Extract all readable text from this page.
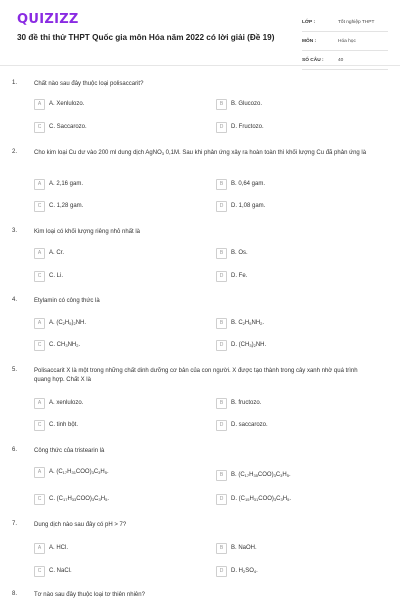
QUIZIZZ
30 đề thi thử THPT Quốc gia môn Hóa năm 2022 có lời giải (Đề 19)
LỚP :	Tốt nghiệp THPT
MÔN :	Hóa học
SỐ CÂU :	40
1.	Chất nào sau đây thuộc loại polisaccarit?
A	A. Xenlulozo.	B	B. Glucozo.
C	C. Saccarozo.	D	D. Fructozo.
2.	Cho kim loại Cu dư vào 200 ml dung dịch AgNO$_3$ 0,1M. Sau khi phản ứng xảy ra hoàn toàn thì khối lượng Cu đã phản ứng là
A	A. 2,16 gam.	B	B. 0,64 gam.
C	C. 1,28 gam.	D	D. 1,08 gam.
3.	Kim loại có khối lượng riêng nhỏ nhất là
A	A. Cr.	B	B. Os.
C	C. Li.	D	D. Fe.
4.	Etylamin có công thức là
A	A. $(C_2H_5)_2NH$.	B	B. $C_2H_5NH_2$.
C	C. $CH_3NH_2$.	D	D. $(CH_3)_2NH$.
5.	Polisaccarit X là một trong những chất dinh dưỡng cơ bản của con người. X được tạo thành trong cây xanh nhờ quá trình quang hợp. Chất X là
A	A. xenlulozo.	B	B. fructozo.
C	C. tinh bột.	D	D. saccarozo.
6.	Công thức của tristearin là
A	A. $(C_{17}H_{31}COO)_3C_3H_5$.	B	B. $(C_{17}H_{35}COO)_3C_3H_5$.
C	C. $(C_{17}H_{33}COO)_3C_3H_5$.	D	D. $(C_{15}H_{31}COO)_3C_3H_5$.
7.	Dung dịch nào sau đây có pH > 7?
A	A. HCl.	B	B. NaOH.
C	C. NaCl.	D	D. $H_2SO_4$.
8.	Tơ nào sau đây thuộc loại tơ thiên nhiên?
